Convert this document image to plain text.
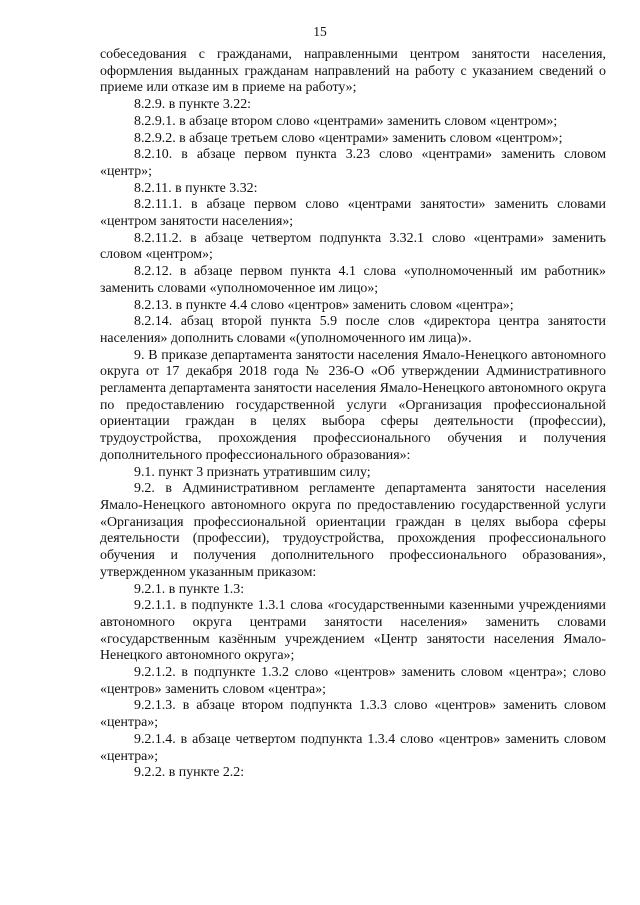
15

собеседования с гражданами, направленными центром занятости населения, оформления выданных гражданам направлений на работу с указанием сведений о приеме или отказе им в приеме на работу»;

8.2.9. в пункте 3.22:

8.2.9.1. в абзаце втором слово «центрами» заменить словом «центром»;

8.2.9.2. в абзаце третьем слово «центрами» заменить словом «центром»;

8.2.10. в абзаце первом пункта 3.23 слово «центрами» заменить словом «центр»;

8.2.11. в пункте 3.32:

8.2.11.1. в абзаце первом слово «центрами занятости» заменить словами «центром занятости населения»;

8.2.11.2. в абзаце четвертом подпункта 3.32.1 слово «центрами» заменить словом «центром»;

8.2.12. в абзаце первом пункта 4.1 слова «уполномоченный им работник» заменить словами «уполномоченное им лицо»;

8.2.13. в пункте 4.4 слово «центров» заменить словом «центра»;

8.2.14. абзац второй пункта 5.9 после слов «директора центра занятости населения» дополнить словами «(уполномоченного им лица)».

9. В приказе департамента занятости населения Ямало-Ненецкого автономного округа от 17 декабря 2018 года № 236-О «Об утверждении Административного регламента департамента занятости населения Ямало-Ненецкого автономного округа по предоставлению государственной услуги «Организация профессиональной ориентации граждан в целях выбора сферы деятельности (профессии), трудоустройства, прохождения профессионального обучения и получения дополнительного профессионального образования»:

9.1. пункт 3 признать утратившим силу;

9.2. в Административном регламенте департамента занятости населения Ямало-Ненецкого автономного округа по предоставлению государственной услуги «Организация профессиональной ориентации граждан в целях выбора сферы деятельности (профессии), трудоустройства, прохождения профессионального обучения и получения дополнительного профессионального образования», утвержденном указанным приказом:

9.2.1. в пункте 1.3:

9.2.1.1. в подпункте 1.3.1 слова «государственными казенными учреждениями автономного округа центрами занятости населения» заменить словами «государственным казённым учреждением «Центр занятости населения Ямало-Ненецкого автономного округа»;

9.2.1.2. в подпункте 1.3.2 слово «центров» заменить словом «центра»; слово «центров» заменить словом «центра»;

9.2.1.3. в абзаце втором подпункта 1.3.3 слово «центров» заменить словом «центра»;

9.2.1.4. в абзаце четвертом подпункта 1.3.4 слово «центров» заменить словом «центра»;

9.2.2. в пункте 2.2:
